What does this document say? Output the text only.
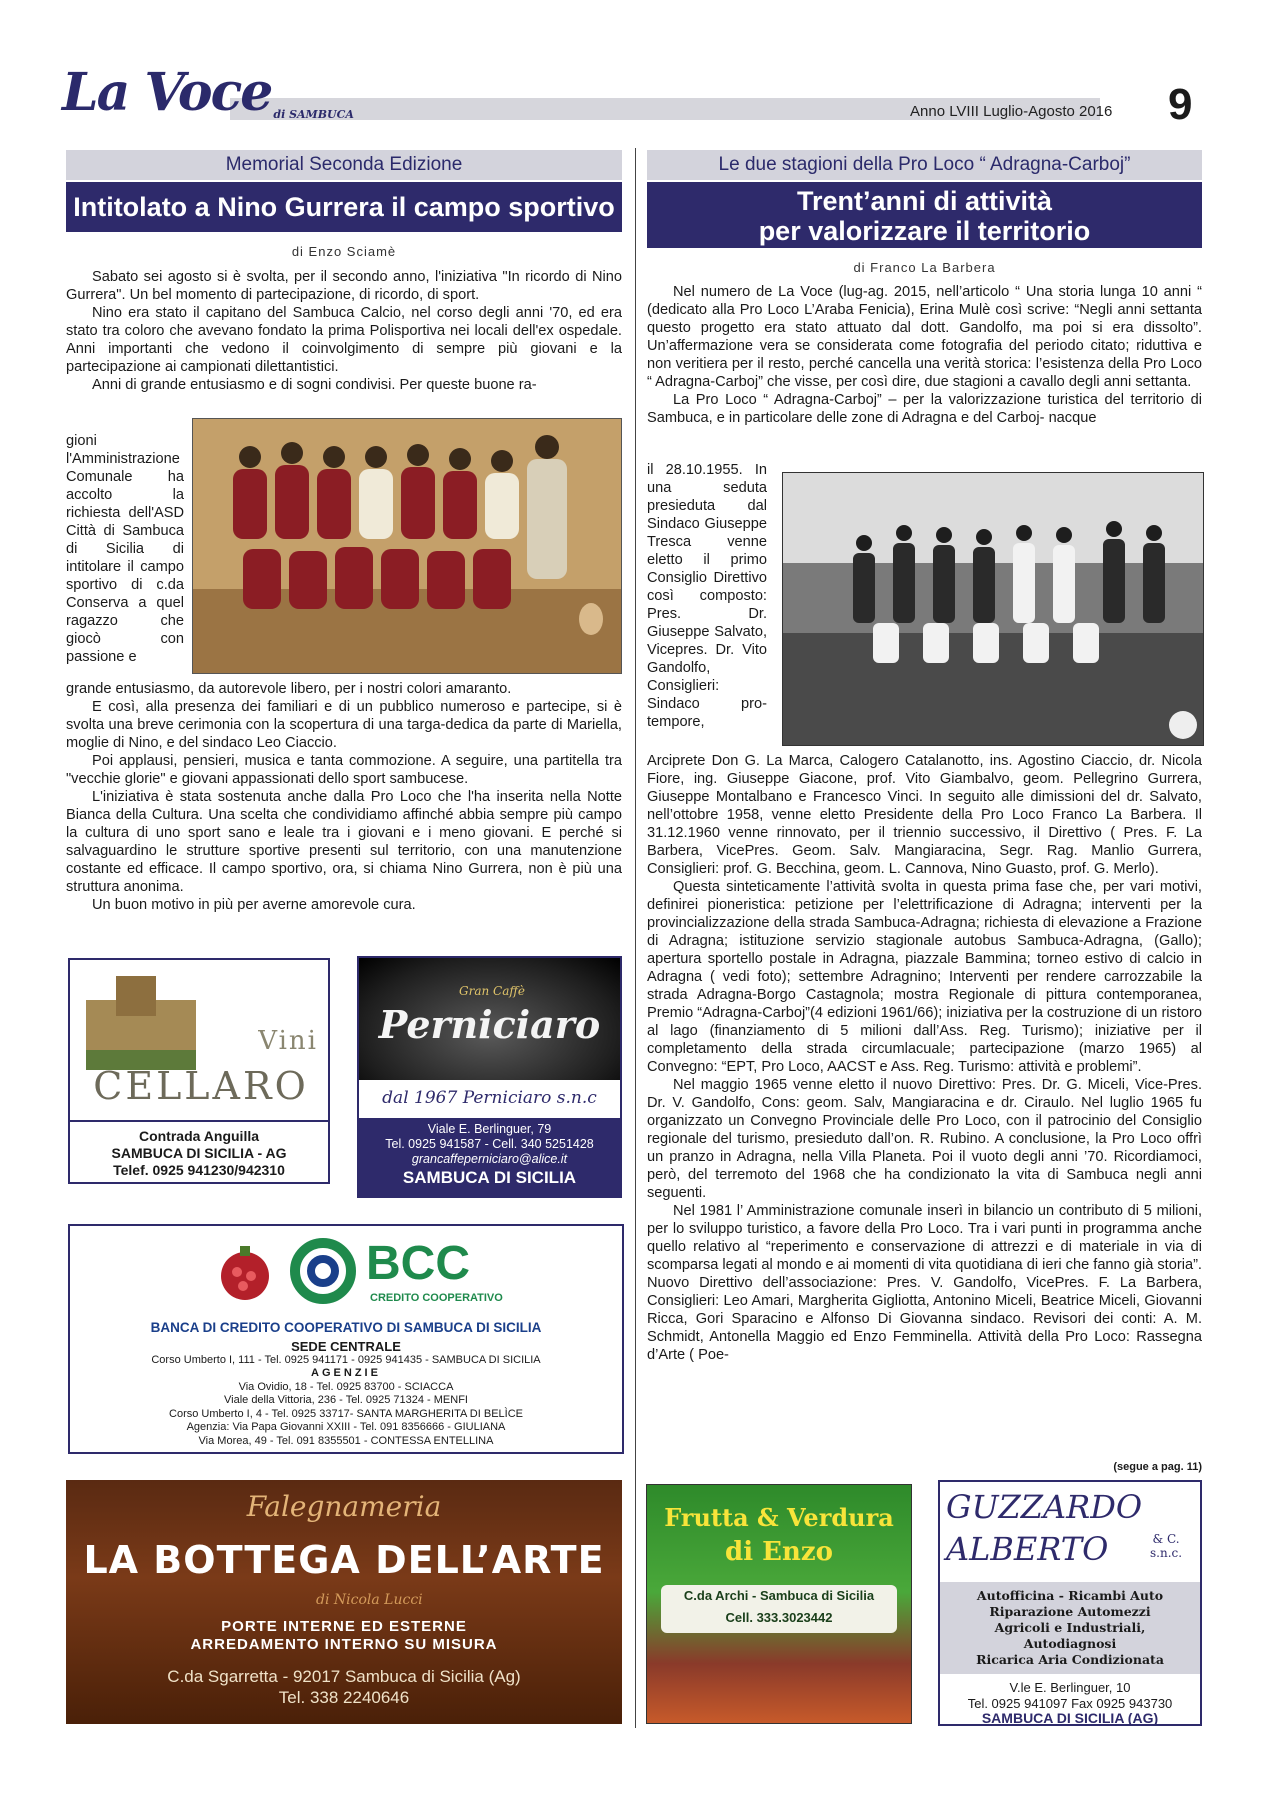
La Voce di SAMBUCA	Anno LVIII Luglio-Agosto 2016 9
Memorial Seconda Edizione
Intitolato a Nino Gurrera il campo sportivo
di Enzo Sciamè

Sabato sei agosto si è svolta, per il secondo anno, l'iniziativa "In ricordo di Nino Gurrera". Un bel momento di partecipazione, di ricordo, di sport.

Nino era stato il capitano del Sambuca Calcio, nel corso degli anni '70, ed era stato tra coloro che avevano fondato la prima Polisportiva nei locali dell'ex ospedale. Anni importanti che vedono il coinvolgimento di sempre più giovani e la partecipazione ai campionati dilettantistici.

Anni di grande entusiasmo e di sogni condivisi. Per queste buone ra-

gioni l'Amministrazione Comunale ha accolto la richiesta dell'ASD Città di Sambuca di Sicilia di intitolare il campo sportivo di c.da Conserva a quel ragazzo che giocò con passione e
grande entusiasmo, da autorevole libero, per i nostri colori amaranto.

E così, alla presenza dei familiari e di un pubblico numeroso e partecipe, si è svolta una breve cerimonia con la scopertura di una targa-dedica da parte di Mariella, moglie di Nino, e del sindaco Leo Ciaccio.

Poi applausi, pensieri, musica e tanta commozione. A seguire, una partitella tra "vecchie glorie" e giovani appassionati dello sport sambucese.

L'iniziativa è stata sostenuta anche dalla Pro Loco che l'ha inserita nella Notte Bianca della Cultura. Una scelta che condividiamo affinché abbia sempre più campo la cultura di uno sport sano e leale tra i giovani e i meno giovani. E perché si salvaguardino le strutture sportive presenti sul territorio, con una manutenzione costante ed efficace. Il campo sportivo, ora, si chiama Nino Gurrera, non è più una struttura anonima.

Un buon motivo in più per averne amorevole cura.

Le due stagioni della Pro Loco “ Adragna-Carboj”
Trent’anni di attività
per valorizzare il territorio
di Franco La Barbera

Nel numero de La Voce (lug-ag. 2015, nell’articolo “ Una storia lunga 10 anni “ (dedicato alla Pro Loco L’Araba Fenicia), Erina Mulè così scrive: “Negli anni settanta questo progetto era stato attuato dal dott. Gandolfo, ma poi si era dissolto”. Un’affermazione vera se considerata come fotografia del periodo citato; riduttiva e non veritiera per il resto, perché cancella una verità storica: l’esistenza della Pro Loco “ Adragna-Carboj” che visse, per così dire, due stagioni a cavallo degli anni settanta.

La Pro Loco “ Adragna-Carboj” – per la valorizzazione turistica del territorio di Sambuca, e in particolare delle zone di Adragna e del Carboj- nacque

il 28.10.1955. In una seduta presieduta dal Sindaco Giuseppe Tresca venne eletto il primo Consiglio Direttivo così composto: Pres. Dr. Giuseppe Salvato, Vicepres. Dr. Vito Gandolfo, Consiglieri: Sindaco pro-tempore,
Arciprete Don G. La Marca, Calogero Catalanotto, ins. Agostino Ciaccio, dr. Nicola Fiore, ing. Giuseppe Giacone, prof. Vito Giambalvo, geom. Pellegrino Gurrera, Giuseppe Montalbano e Francesco Vinci. In seguito alle dimissioni del dr. Salvato, nell’ottobre 1958, venne eletto Presidente della Pro Loco Franco La Barbera. Il 31.12.1960 venne rinnovato, per il triennio successivo, il Direttivo ( Pres. F. La Barbera, VicePres. Geom. Salv. Mangiaracina, Segr. Rag. Manlio Gurrera, Consiglieri: prof. G. Becchina, geom. L. Cannova, Nino Guasto, prof. G. Merlo).

Questa sinteticamente l’attività svolta in questa prima fase che, per vari motivi, definirei pioneristica: petizione per l’elettrificazione di Adragna; interventi per la provincializzazione della strada Sambuca-Adragna; richiesta di elevazione a Frazione di Adragna; istituzione servizio stagionale autobus Sambuca-Adragna, (Gallo); apertura sportello postale in Adragna, piazzale Bammina; torneo estivo di calcio in Adragna ( vedi foto); settembre Adragnino; Interventi per rendere carrozzabile la strada Adragna-Borgo Castagnola; mostra Regionale di pittura contemporanea, Premio “Adragna-Carboj”(4 edizioni 1961/66); iniziativa per la costruzione di un ristoro al lago (finanziamento di 5 milioni dall’Ass. Reg. Turismo); iniziative per il completamento della strada circumlacuale; partecipazione (marzo 1965) al Convegno: “EPT, Pro Loco, AACST e Ass. Reg. Turismo: attività e problemi”.

Nel maggio 1965 venne eletto il nuovo Direttivo: Pres. Dr. G. Miceli, Vice-Pres. Dr. V. Gandolfo, Cons: geom. Salv, Mangiaracina e dr. Ciraulo. Nel luglio 1965 fu organizzato un Convegno Provinciale delle Pro Loco, con il patrocinio del Consiglio regionale del turismo, presieduto dall’on. R. Rubino. A conclusione, la Pro Loco offrì un pranzo in Adragna, nella Villa Planeta. Poi il vuoto degli anni ’70. Ricordiamoci, però, del terremoto del 1968 che ha condizionato la vita di Sambuca negli anni seguenti.

Nel 1981 l’ Amministrazione comunale inserì in bilancio un contributo di 5 milioni, per lo sviluppo turistico, a favore della Pro Loco. Tra i vari punti in programma anche quello relativo al “reperimento e conservazione di attrezzi e di materiale in via di scomparsa legati al mondo e ai momenti di vita quotidiana di ieri che fanno già storia”. Nuovo Direttivo dell’associazione: Pres. V. Gandolfo, VicePres. F. La Barbera, Consiglieri: Leo Amari, Margherita Gigliotta, Antonino Miceli, Beatrice Miceli, Giovanni Ricca, Gori Sparacino e Alfonso Di Giovanna sindaco. Revisori dei conti: A. M. Schmidt, Antonella Maggio ed Enzo Femminella. Attività della Pro Loco: Rassegna d’Arte ( Poe-

(segue a pag. 11)
Vini
CELLARO
Contrada Anguilla
SAMBUCA DI SICILIA - AG
Telef. 0925 941230/942310
Gran Caffè
Perniciaro
dal 1967 Perniciaro s.n.c
Viale E. Berlinguer, 79
Tel. 0925 941587 - Cell. 340 5251428
grancaffeperniciaro@alice.it
SAMBUCA DI SICILIA
BCC
CREDITO COOPERATIVO
BANCA DI CREDITO COOPERATIVO DI SAMBUCA DI SICILIA
SEDE CENTRALE
Corso Umberto I, 111 - Tel. 0925 941171 - 0925 941435 - SAMBUCA DI SICILIA
AGENZIE
Via Ovidio, 18 - Tel. 0925 83700 - SCIACCA
Viale della Vittoria, 236 - Tel. 0925 71324 - MENFI
Corso Umberto I, 4 - Tel. 0925 33717- SANTA MARGHERITA DI BELÌCE
Agenzia: Via Papa Giovanni XXIII - Tel. 091 8356666 - GIULIANA
Via Morea, 49 - Tel. 091 8355501 - CONTESSA ENTELLINA
Falegnameria
LA BOTTEGA DELL’ARTE
di Nicola Lucci
PORTE INTERNE ED ESTERNE
ARREDAMENTO INTERNO SU MISURA
C.da Sgarretta - 92017 Sambuca di Sicilia (Ag)
Tel. 338 2240646
Frutta & Verdura
di Enzo
C.da Archi - Sambuca di Sicilia
Cell. 333.3023442
GUZZARDO
ALBERTO	& C.
s.n.c.
Autofficina - Ricambi Auto
Riparazione Automezzi
Agricoli e Industriali,
Autodiagnosi
Ricarica Aria Condizionata
V.le E. Berlinguer, 10
Tel. 0925 941097 Fax 0925 943730
SAMBUCA DI SICILIA (AG)
